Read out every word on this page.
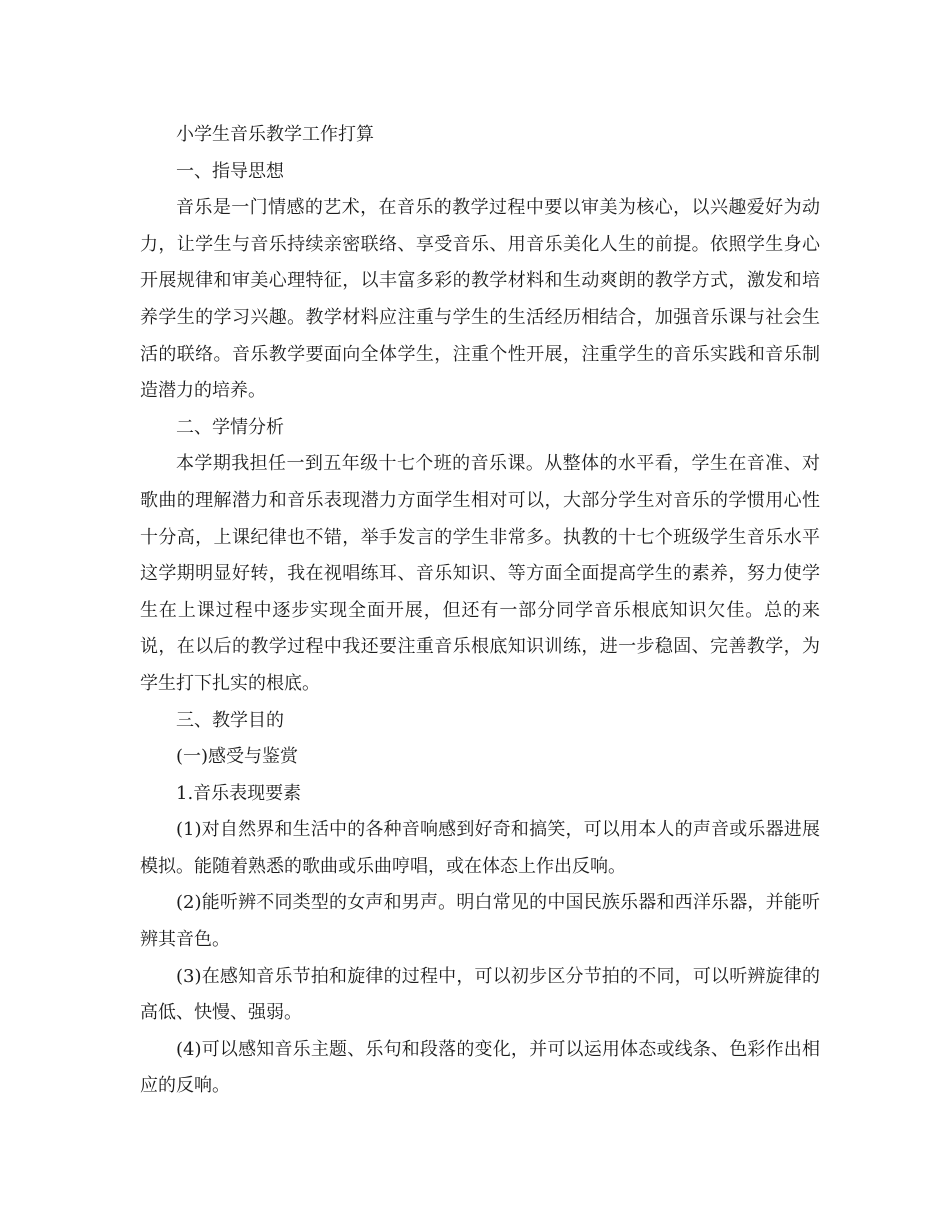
小学生音乐教学工作打算

一、指导思想

音乐是一门情感的艺术，在音乐的教学过程中要以审美为核心，以兴趣爱好为动力，让学生与音乐持续亲密联络、享受音乐、用音乐美化人生的前提。依照学生身心开展规律和审美心理特征，以丰富多彩的教学材料和生动爽朗的教学方式，激发和培养学生的学习兴趣。教学材料应注重与学生的生活经历相结合，加强音乐课与社会生活的联络。音乐教学要面向全体学生，注重个性开展，注重学生的音乐实践和音乐制造潜力的培养。

二、学情分析

本学期我担任一到五年级十七个班的音乐课。从整体的水平看，学生在音准、对歌曲的理解潜力和音乐表现潜力方面学生相对可以，大部分学生对音乐的学惯用心性十分高，上课纪律也不错，举手发言的学生非常多。执教的十七个班级学生音乐水平这学期明显好转，我在视唱练耳、音乐知识、等方面全面提高学生的素养，努力使学生在上课过程中逐步实现全面开展，但还有一部分同学音乐根底知识欠佳。总的来说，在以后的教学过程中我还要注重音乐根底知识训练，进一步稳固、完善教学，为学生打下扎实的根底。

三、教学目的

(一)感受与鉴赏

1.音乐表现要素

(1)对自然界和生活中的各种音响感到好奇和搞笑，可以用本人的声音或乐器进展模拟。能随着熟悉的歌曲或乐曲哼唱，或在体态上作出反响。

(2)能听辨不同类型的女声和男声。明白常见的中国民族乐器和西洋乐器，并能听辨其音色。

(3)在感知音乐节拍和旋律的过程中，可以初步区分节拍的不同，可以听辨旋律的高低、快慢、强弱。

(4)可以感知音乐主题、乐句和段落的变化，并可以运用体态或线条、色彩作出相应的反响。
